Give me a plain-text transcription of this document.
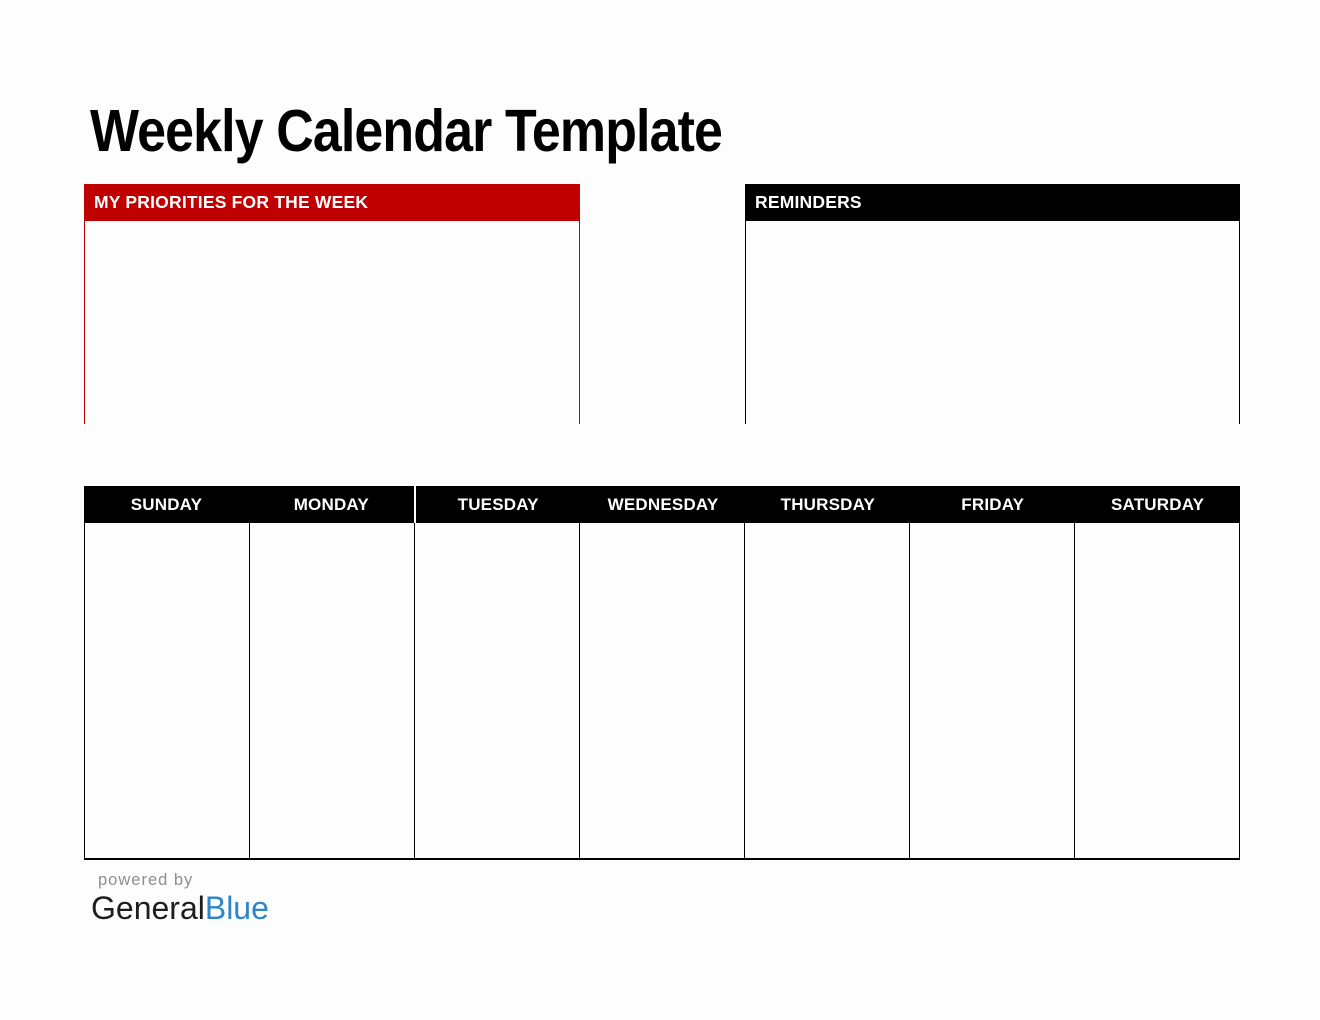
Weekly Calendar Template
MY PRIORITIES FOR THE WEEK	REMINDERS
SUNDAY	MONDAY	TUESDAY	WEDNESDAY	THURSDAY	FRIDAY	SATURDAY
powered by
GeneralBlue
